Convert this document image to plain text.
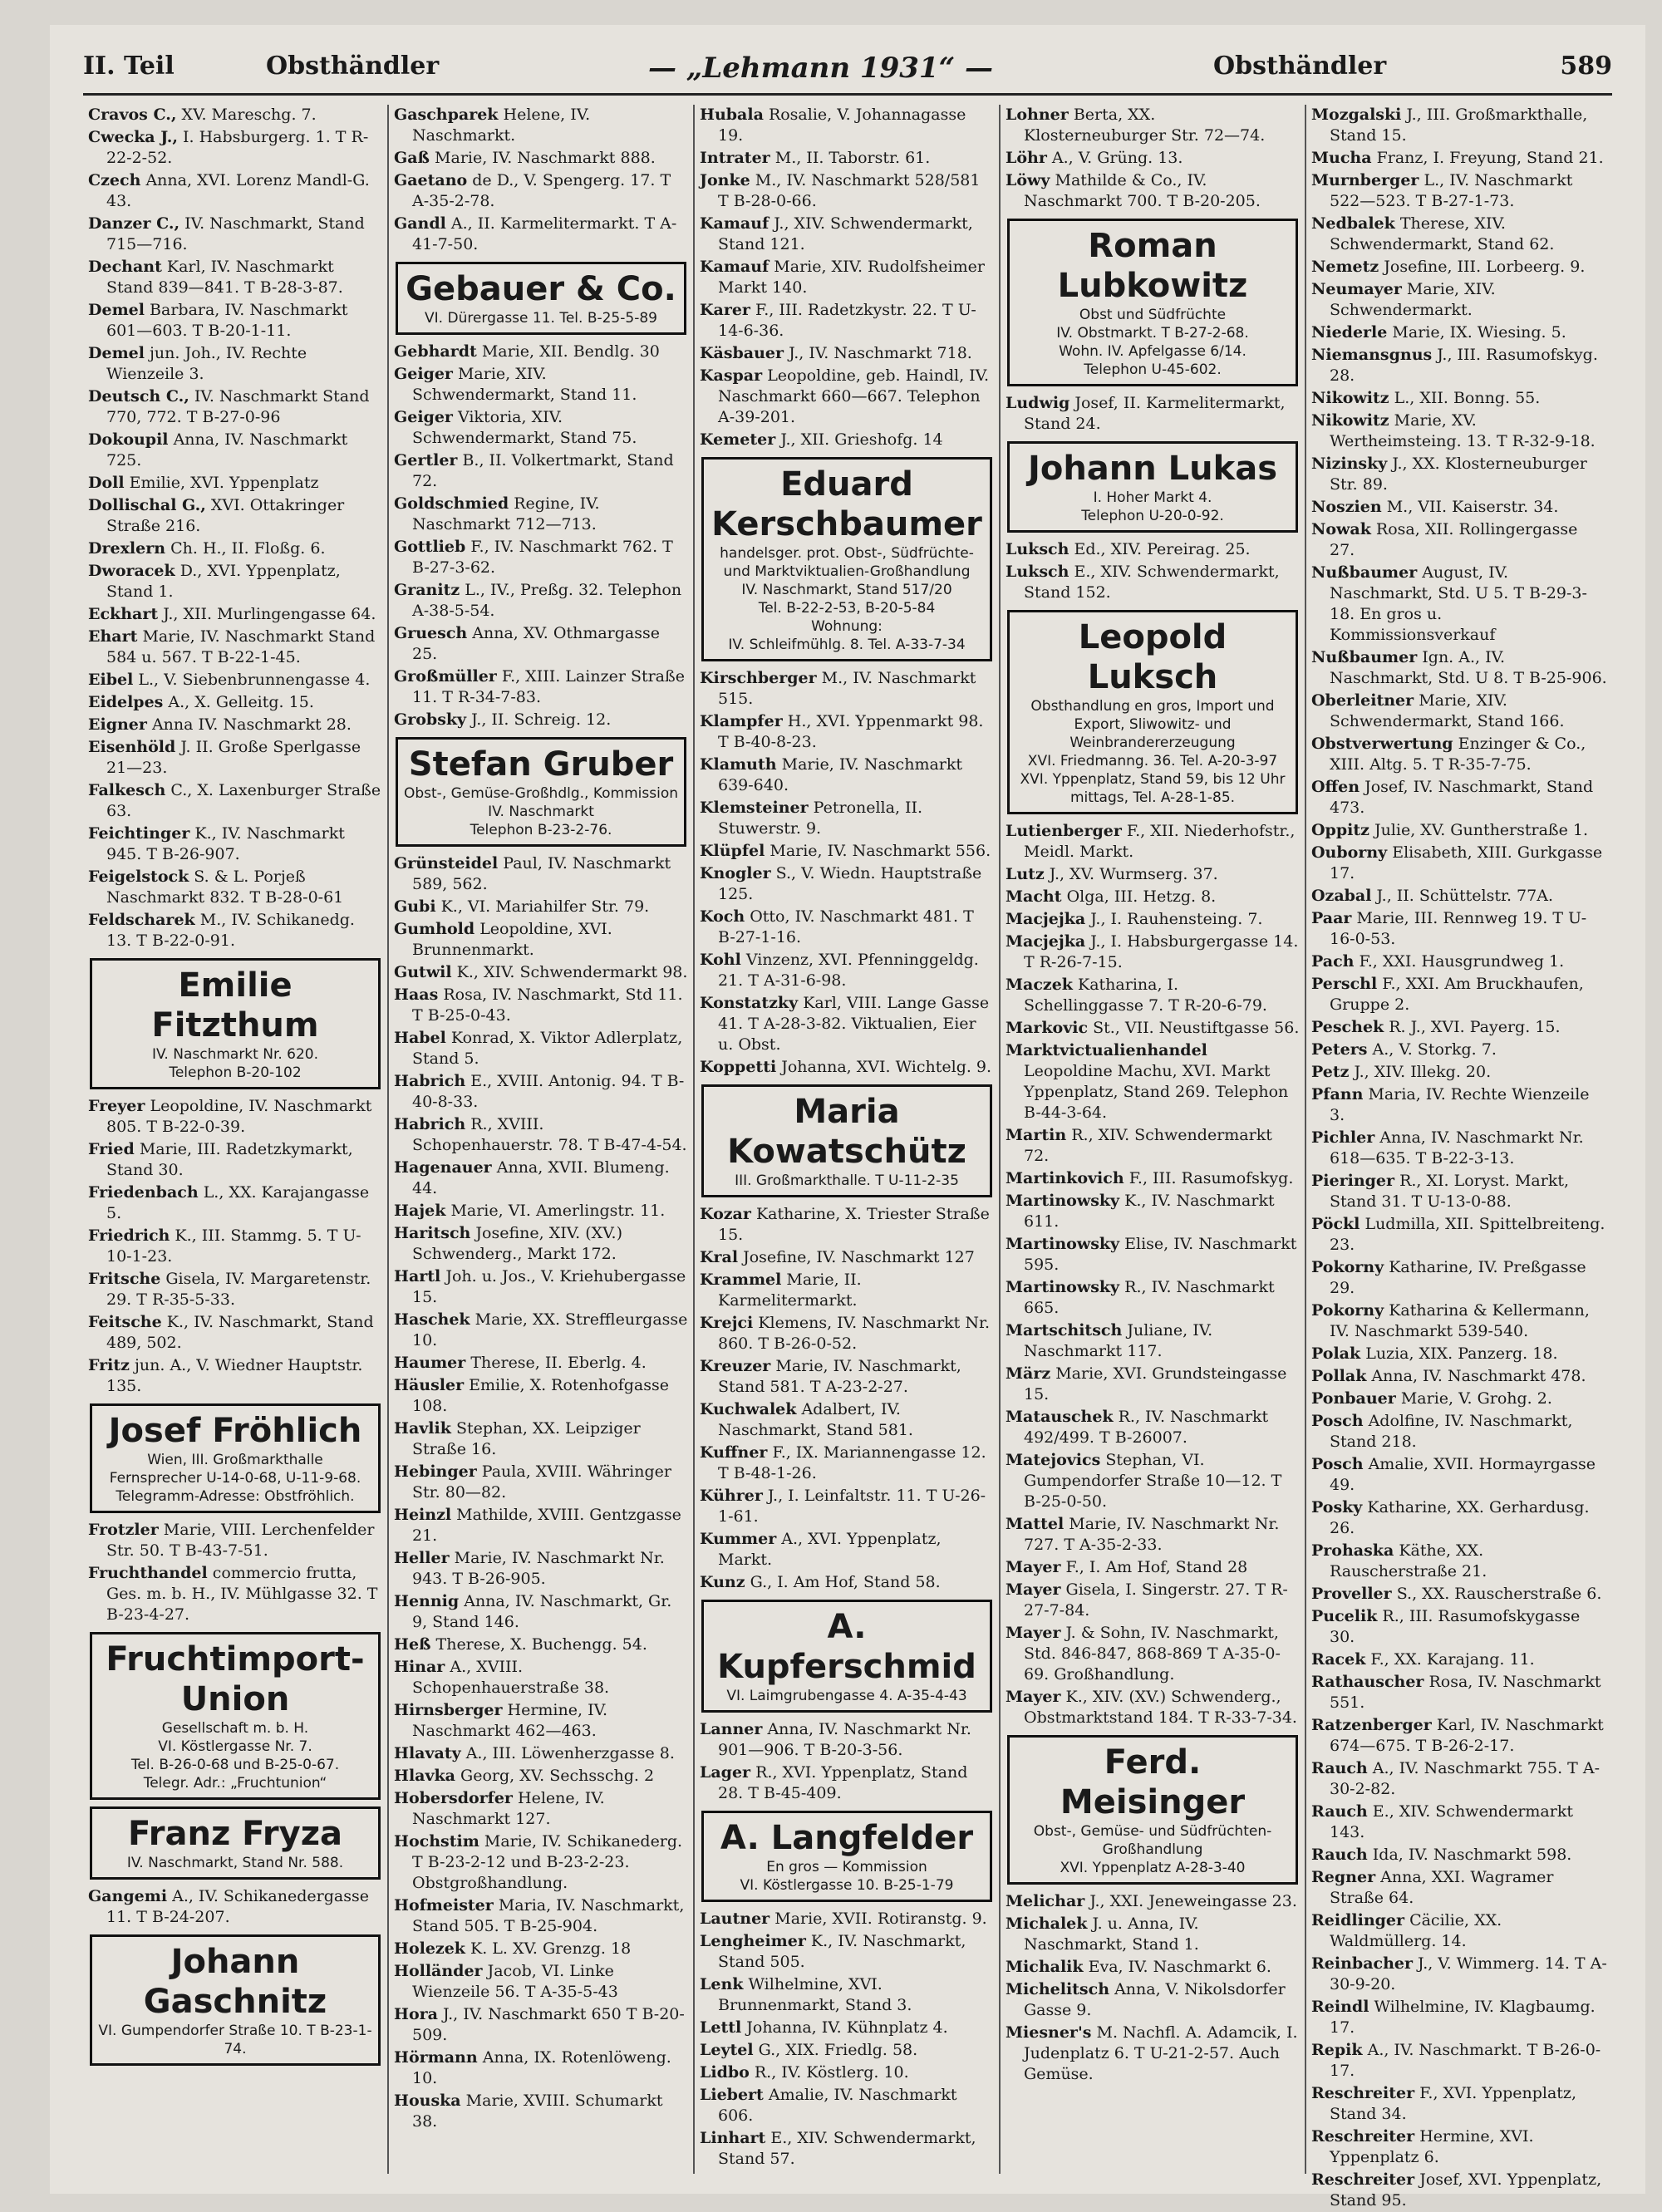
II. Teil	Obsthändler	— „Lehmann 1931“ —	Obsthändler	589
Cravos C., XV. Mareschg. 7.
Cwecka J., I. Habsburgerg. 1. T R-22-2-52.
Czech Anna, XVI. Lorenz Mandl-G. 43.
Danzer C., IV. Naschmarkt, Stand 715—716.
Dechant Karl, IV. Naschmarkt Stand 839—841. T B-28-3-87.
Demel Barbara, IV. Naschmarkt 601—603. T B-20-1-11.
Demel jun. Joh., IV. Rechte Wienzeile 3.
Deutsch C., IV. Naschmarkt Stand 770, 772. T B-27-0-96
Dokoupil Anna, IV. Naschmarkt 725.
Doll Emilie, XVI. Yppenplatz
Dollischal G., XVI. Ottakringer Straße 216.
Drexlern Ch. H., II. Floßg. 6.
Dworacek D., XVI. Yppenplatz, Stand 1.
Eckhart J., XII. Murlingengasse 64.
Ehart Marie, IV. Naschmarkt Stand 584 u. 567. T B-22-1-45.
Eibel L., V. Siebenbrunnengasse 4.
Eidelpes A., X. Gelleitg. 15.
Eigner Anna IV. Naschmarkt 28.
Eisenhöld J. II. Große Sperlgasse 21—23.
Falkesch C., X. Laxenburger Straße 63.
Feichtinger K., IV. Naschmarkt 945. T B-26-907.
Feigelstock S. & L. Porjeß Naschmarkt 832. T B-28-0-61
Feldscharek M., IV. Schikanedg. 13. T B-22-0-91.
Emilie Fitzthum
IV. Naschmarkt Nr. 620.
Telephon B-20-102
Freyer Leopoldine, IV. Naschmarkt 805. T B-22-0-39.
Fried Marie, III. Radetzkymarkt, Stand 30.
Friedenbach L., XX. Karajangasse 5.
Friedrich K., III. Stammg. 5. T U-10-1-23.
Fritsche Gisela, IV. Margaretenstr. 29. T R-35-5-33.
Feitsche K., IV. Naschmarkt, Stand 489, 502.
Fritz jun. A., V. Wiedner Hauptstr. 135.
Josef Fröhlich
Wien, III. Großmarkthalle
Fernsprecher U-14-0-68, U-11-9-68.
Telegramm-Adresse: Obstfröhlich.
Frotzler Marie, VIII. Lerchenfelder Str. 50. T B-43-7-51.
Fruchthandel commercio frutta, Ges. m. b. H., IV. Mühlgasse 32. T B-23-4-27.
Fruchtimport-Union
Gesellschaft m. b. H.
VI. Köstlergasse Nr. 7.
Tel. B-26-0-68 und B-25-0-67.
Telegr. Adr.: „Fruchtunion“
Franz Fryza
IV. Naschmarkt, Stand Nr. 588.
Gangemi A., IV. Schikanedergasse 11. T B-24-207.
Johann Gaschnitz
VI. Gumpendorfer Straße 10. T B-23-1-74.
Gaschparek Helene, IV. Naschmarkt.
Gaß Marie, IV. Naschmarkt 888.
Gaetano de D., V. Spengerg. 17. T A-35-2-78.
Gandl A., II. Karmelitermarkt. T A-41-7-50.
Gebauer & Co.
VI. Dürergasse 11. Tel. B-25-5-89
Gebhardt Marie, XII. Bendlg. 30
Geiger Marie, XIV. Schwendermarkt, Stand 11.
Geiger Viktoria, XIV. Schwendermarkt, Stand 75.
Gertler B., II. Volkertmarkt, Stand 72.
Goldschmied Regine, IV. Naschmarkt 712—713.
Gottlieb F., IV. Naschmarkt 762. T B-27-3-62.
Granitz L., IV., Preßg. 32. Telephon A-38-5-54.
Gruesch Anna, XV. Othmargasse 25.
Großmüller F., XIII. Lainzer Straße 11. T R-34-7-83.
Grobsky J., II. Schreig. 12.
Stefan Gruber
Obst-, Gemüse-Großhdlg., Kommission
IV. Naschmarkt
Telephon B-23-2-76.
Grünsteidel Paul, IV. Naschmarkt 589, 562.
Gubi K., VI. Mariahilfer Str. 79.
Gumhold Leopoldine, XVI. Brunnenmarkt.
Gutwil K., XIV. Schwendermarkt 98.
Haas Rosa, IV. Naschmarkt, Std 11. T B-25-0-43.
Habel Konrad, X. Viktor Adlerplatz, Stand 5.
Habrich E., XVIII. Antonig. 94. T B-40-8-33.
Habrich R., XVIII. Schopenhauerstr. 78. T B-47-4-54.
Hagenauer Anna, XVII. Blumeng. 44.
Hajek Marie, VI. Amerlingstr. 11.
Haritsch Josefine, XIV. (XV.) Schwenderg., Markt 172.
Hartl Joh. u. Jos., V. Kriehubergasse 15.
Haschek Marie, XX. Streffleurgasse 10.
Haumer Therese, II. Eberlg. 4.
Häusler Emilie, X. Rotenhofgasse 108.
Havlik Stephan, XX. Leipziger Straße 16.
Hebinger Paula, XVIII. Währinger Str. 80—82.
Heinzl Mathilde, XVIII. Gentzgasse 21.
Heller Marie, IV. Naschmarkt Nr. 943. T B-26-905.
Hennig Anna, IV. Naschmarkt, Gr. 9, Stand 146.
Heß Therese, X. Buchengg. 54.
Hinar A., XVIII. Schopenhauerstraße 38.
Hirnsberger Hermine, IV. Naschmarkt 462—463.
Hlavaty A., III. Löwenherzgasse 8.
Hlavka Georg, XV. Sechsschg. 2
Hobersdorfer Helene, IV. Naschmarkt 127.
Hochstim Marie, IV. Schikanederg. T B-23-2-12 und B-23-2-23. Obstgroßhandlung.
Hofmeister Maria, IV. Naschmarkt, Stand 505. T B-25-904.
Holezek K. L. XV. Grenzg. 18
Holländer Jacob, VI. Linke Wienzeile 56. T A-35-5-43
Hora J., IV. Naschmarkt 650 T B-20-509.
Hörmann Anna, IX. Rotenlöweng. 10.
Houska Marie, XVIII. Schumarkt 38.
Hubala Rosalie, V. Johannagasse 19.
Intrater M., II. Taborstr. 61.
Jonke M., IV. Naschmarkt 528/581 T B-28-0-66.
Kamauf J., XIV. Schwendermarkt, Stand 121.
Kamauf Marie, XIV. Rudolfsheimer Markt 140.
Karer F., III. Radetzkystr. 22. T U-14-6-36.
Käsbauer J., IV. Naschmarkt 718.
Kaspar Leopoldine, geb. Haindl, IV. Naschmarkt 660—667. Telephon A-39-201.
Kemeter J., XII. Grieshofg. 14
Eduard Kerschbaumer
handelsger. prot. Obst-, Südfrüchte- und Marktviktualien-Großhandlung
IV. Naschmarkt, Stand 517/20
Tel. B-22-2-53, B-20-5-84
Wohnung:
IV. Schleifmühlg. 8. Tel. A-33-7-34
Kirschberger M., IV. Naschmarkt 515.
Klampfer H., XVI. Yppenmarkt 98. T B-40-8-23.
Klamuth Marie, IV. Naschmarkt 639-640.
Klemsteiner Petronella, II. Stuwerstr. 9.
Klüpfel Marie, IV. Naschmarkt 556.
Knogler S., V. Wiedn. Hauptstraße 125.
Koch Otto, IV. Naschmarkt 481. T B-27-1-16.
Kohl Vinzenz, XVI. Pfenninggeldg. 21. T A-31-6-98.
Konstatzky Karl, VIII. Lange Gasse 41. T A-28-3-82. Viktualien, Eier u. Obst.
Koppetti Johanna, XVI. Wichtelg. 9.
Maria Kowatschütz
III. Großmarkthalle. T U-11-2-35
Kozar Katharine, X. Triester Straße 15.
Kral Josefine, IV. Naschmarkt 127
Krammel Marie, II. Karmelitermarkt.
Krejci Klemens, IV. Naschmarkt Nr. 860. T B-26-0-52.
Kreuzer Marie, IV. Naschmarkt, Stand 581. T A-23-2-27.
Kuchwalek Adalbert, IV. Naschmarkt, Stand 581.
Kuffner F., IX. Mariannengasse 12. T B-48-1-26.
Kührer J., I. Leinfaltstr. 11. T U-26-1-61.
Kummer A., XVI. Yppenplatz, Markt.
Kunz G., I. Am Hof, Stand 58.
A. Kupferschmid
VI. Laimgrubengasse 4. A-35-4-43
Lanner Anna, IV. Naschmarkt Nr. 901—906. T B-20-3-56.
Lager R., XVI. Yppenplatz, Stand 28. T B-45-409.
A. Langfelder
En gros — Kommission
VI. Köstlergasse 10. B-25-1-79
Lautner Marie, XVII. Rotiranstg. 9.
Lengheimer K., IV. Naschmarkt, Stand 505.
Lenk Wilhelmine, XVI. Brunnenmarkt, Stand 3.
Lettl Johanna, IV. Kühnplatz 4.
Leytel G., XIX. Friedlg. 58.
Lidbo R., IV. Köstlerg. 10.
Liebert Amalie, IV. Naschmarkt 606.
Linhart E., XIV. Schwendermarkt, Stand 57.
Lohner Berta, XX. Klosterneuburger Str. 72—74.
Löhr A., V. Grüng. 13.
Löwy Mathilde & Co., IV. Naschmarkt 700. T B-20-205.
Roman Lubkowitz
Obst und Südfrüchte
IV. Obstmarkt. T B-27-2-68.
Wohn. IV. Apfelgasse 6/14.
Telephon U-45-602.
Ludwig Josef, II. Karmelitermarkt, Stand 24.
Johann Lukas
I. Hoher Markt 4.
Telephon U-20-0-92.
Luksch Ed., XIV. Pereirag. 25.
Luksch E., XIV. Schwendermarkt, Stand 152.
Leopold Luksch
Obsthandlung en gros, Import und Export, Sliwowitz- und Weinbrandererzeugung
XVI. Friedmanng. 36. Tel. A-20-3-97
XVI. Yppenplatz, Stand 59, bis 12 Uhr mittags, Tel. A-28-1-85.
Lutienberger F., XII. Niederhofstr., Meidl. Markt.
Lutz J., XV. Wurmserg. 37.
Macht Olga, III. Hetzg. 8.
Macjejka J., I. Rauhensteing. 7.
Macjejka J., I. Habsburgergasse 14. T R-26-7-15.
Maczek Katharina, I. Schellinggasse 7. T R-20-6-79.
Markovic St., VII. Neustiftgasse 56.
Marktvictualienhandel Leopoldine Machu, XVI. Markt Yppenplatz, Stand 269. Telephon B-44-3-64.
Martin R., XIV. Schwendermarkt 72.
Martinkovich F., III. Rasumofskyg.
Martinowsky K., IV. Naschmarkt 611.
Martinowsky Elise, IV. Naschmarkt 595.
Martinowsky R., IV. Naschmarkt 665.
Martschitsch Juliane, IV. Naschmarkt 117.
März Marie, XVI. Grundsteingasse 15.
Matauschek R., IV. Naschmarkt 492/499. T B-26007.
Matejovics Stephan, VI. Gumpendorfer Straße 10—12. T B-25-0-50.
Mattel Marie, IV. Naschmarkt Nr. 727. T A-35-2-33.
Mayer F., I. Am Hof, Stand 28
Mayer Gisela, I. Singerstr. 27. T R-27-7-84.
Mayer J. & Sohn, IV. Naschmarkt, Std. 846-847, 868-869 T A-35-0-69. Großhandlung.
Mayer K., XIV. (XV.) Schwenderg., Obstmarktstand 184. T R-33-7-34.
Ferd. Meisinger
Obst-, Gemüse- und Südfrüchten-Großhandlung
XVI. Yppenplatz A-28-3-40
Melichar J., XXI. Jeneweingasse 23.
Michalek J. u. Anna, IV. Naschmarkt, Stand 1.
Michalik Eva, IV. Naschmarkt 6.
Michelitsch Anna, V. Nikolsdorfer Gasse 9.
Miesner's M. Nachfl. A. Adamcik, I. Judenplatz 6. T U-21-2-57. Auch Gemüse.
Mozgalski J., III. Großmarkthalle, Stand 15.
Mucha Franz, I. Freyung, Stand 21.
Murnberger L., IV. Naschmarkt 522—523. T B-27-1-73.
Nedbalek Therese, XIV. Schwendermarkt, Stand 62.
Nemetz Josefine, III. Lorbeerg. 9.
Neumayer Marie, XIV. Schwendermarkt.
Niederle Marie, IX. Wiesing. 5.
Niemansgnus J., III. Rasumofskyg. 28.
Nikowitz L., XII. Bonng. 55.
Nikowitz Marie, XV. Wertheimsteing. 13. T R-32-9-18.
Nizinsky J., XX. Klosterneuburger Str. 89.
Noszien M., VII. Kaiserstr. 34.
Nowak Rosa, XII. Rollingergasse 27.
Nußbaumer August, IV. Naschmarkt, Std. U 5. T B-29-3-18. En gros u. Kommissionsverkauf
Nußbaumer Ign. A., IV. Naschmarkt, Std. U 8. T B-25-906.
Oberleitner Marie, XIV. Schwendermarkt, Stand 166.
Obstverwertung Enzinger & Co., XIII. Altg. 5. T R-35-7-75.
Offen Josef, IV. Naschmarkt, Stand 473.
Oppitz Julie, XV. Guntherstraße 1.
Ouborny Elisabeth, XIII. Gurkgasse 17.
Ozabal J., II. Schüttelstr. 77A.
Paar Marie, III. Rennweg 19. T U-16-0-53.
Pach F., XXI. Hausgrundweg 1.
Perschl F., XXI. Am Bruckhaufen, Gruppe 2.
Peschek R. J., XVI. Payerg. 15.
Peters A., V. Storkg. 7.
Petz J., XIV. Illekg. 20.
Pfann Maria, IV. Rechte Wienzeile 3.
Pichler Anna, IV. Naschmarkt Nr. 618—635. T B-22-3-13.
Pieringer R., XI. Loryst. Markt, Stand 31. T U-13-0-88.
Pöckl Ludmilla, XII. Spittelbreiteng. 23.
Pokorny Katharine, IV. Preßgasse 29.
Pokorny Katharina & Kellermann, IV. Naschmarkt 539-540.
Polak Luzia, XIX. Panzerg. 18.
Pollak Anna, IV. Naschmarkt 478.
Ponbauer Marie, V. Grohg. 2.
Posch Adolfine, IV. Naschmarkt, Stand 218.
Posch Amalie, XVII. Hormayrgasse 49.
Posky Katharine, XX. Gerhardusg. 26.
Prohaska Käthe, XX. Rauscherstraße 21.
Proveller S., XX. Rauscherstraße 6.
Pucelik R., III. Rasumofskygasse 30.
Racek F., XX. Karajang. 11.
Rathauscher Rosa, IV. Naschmarkt 551.
Ratzenberger Karl, IV. Naschmarkt 674—675. T B-26-2-17.
Rauch A., IV. Naschmarkt 755. T A-30-2-82.
Rauch E., XIV. Schwendermarkt 143.
Rauch Ida, IV. Naschmarkt 598.
Regner Anna, XXI. Wagramer Straße 64.
Reidlinger Cäcilie, XX. Waldmüllerg. 14.
Reinbacher J., V. Wimmerg. 14. T A-30-9-20.
Reindl Wilhelmine, IV. Klagbaumg. 17.
Repik A., IV. Naschmarkt. T B-26-0-17.
Reschreiter F., XVI. Yppenplatz, Stand 34.
Reschreiter Hermine, XVI. Yppenplatz 6.
Reschreiter Josef, XVI. Yppenplatz, Stand 95.
